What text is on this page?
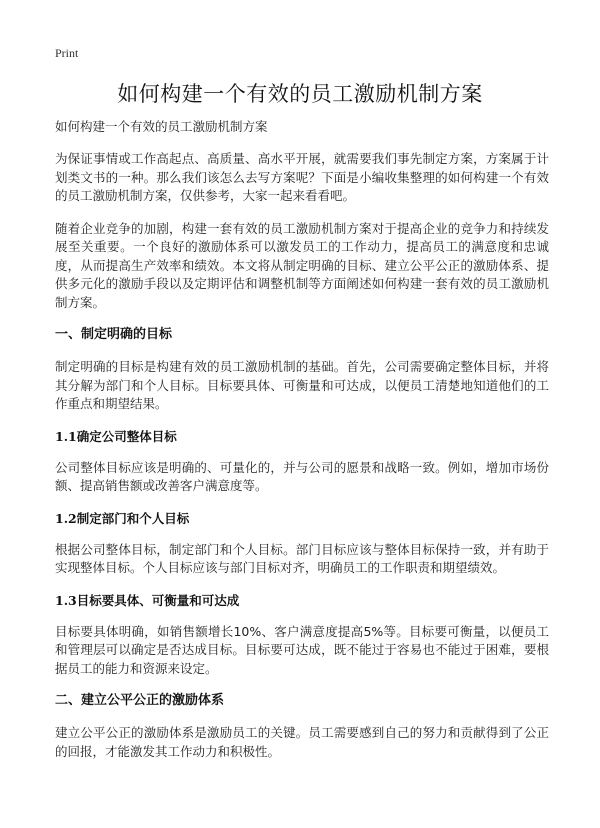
Print
如何构建一个有效的员工激励机制方案
如何构建一个有效的员工激励机制方案

为保证事情或工作高起点、高质量、高水平开展，就需要我们事先制定方案，方案属于计划类文书的一种。那么我们该怎么去写方案呢？下面是小编收集整理的如何构建一个有效的员工激励机制方案，仅供参考，大家一起来看看吧。

随着企业竞争的加剧，构建一套有效的员工激励机制方案对于提高企业的竞争力和持续发展至关重要。一个良好的激励体系可以激发员工的工作动力，提高员工的满意度和忠诚度，从而提高生产效率和绩效。本文将从制定明确的目标、建立公平公正的激励体系、提供多元化的激励手段以及定期评估和调整机制等方面阐述如何构建一套有效的员工激励机制方案。

一、制定明确的目标

制定明确的目标是构建有效的员工激励机制的基础。首先，公司需要确定整体目标，并将其分解为部门和个人目标。目标要具体、可衡量和可达成，以便员工清楚地知道他们的工作重点和期望结果。

1.1确定公司整体目标

公司整体目标应该是明确的、可量化的，并与公司的愿景和战略一致。例如，增加市场份额、提高销售额或改善客户满意度等。

1.2制定部门和个人目标

根据公司整体目标，制定部门和个人目标。部门目标应该与整体目标保持一致，并有助于实现整体目标。个人目标应该与部门目标对齐，明确员工的工作职责和期望绩效。

1.3目标要具体、可衡量和可达成

目标要具体明确，如销售额增长10%、客户满意度提高5%等。目标要可衡量，以便员工和管理层可以确定是否达成目标。目标要可达成，既不能过于容易也不能过于困难，要根据员工的能力和资源来设定。

二、建立公平公正的激励体系

建立公平公正的激励体系是激励员工的关键。员工需要感到自己的努力和贡献得到了公正的回报，才能激发其工作动力和积极性。
